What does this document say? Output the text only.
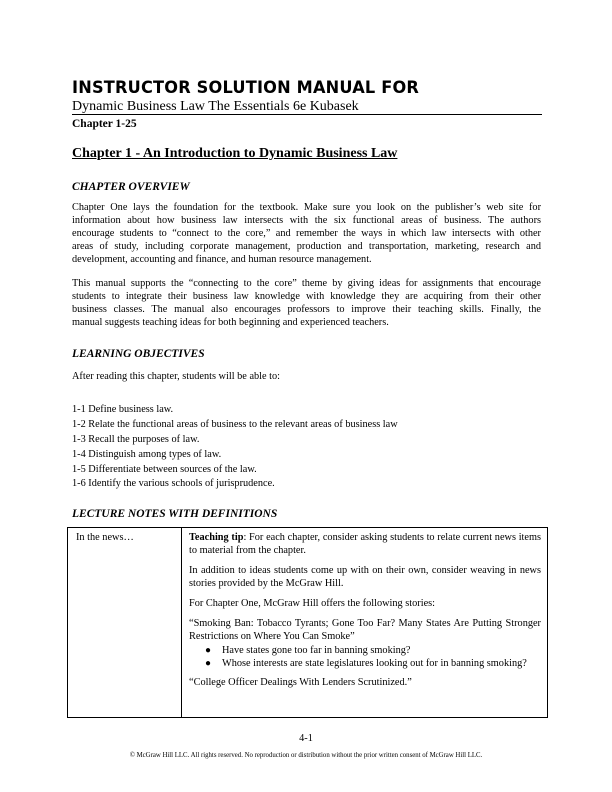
INSTRUCTOR SOLUTION MANUAL FOR
Dynamic Business Law The Essentials 6e Kubasek
Chapter 1-25
Chapter 1 - An Introduction to Dynamic Business Law
CHAPTER OVERVIEW
Chapter One lays the foundation for the textbook. Make sure you look on the publisher’s web site for
information about how business law intersects with the six functional areas of business. The authors
encourage students to “connect to the core,” and remember the ways in which law intersects with other
areas of study, including corporate management, production and transportation, marketing, research and
development, accounting and finance, and human resource management.
This manual supports the “connecting to the core” theme by giving ideas for assignments that encourage
students to integrate their business law knowledge with knowledge they are acquiring from their other
business classes. The manual also encourages professors to improve their teaching skills. Finally, the
manual suggests teaching ideas for both beginning and experienced teachers.
LEARNING OBJECTIVES
After reading this chapter, students will be able to:
1-1 Define business law.
1-2 Relate the functional areas of business to the relevant areas of business law
1-3 Recall the purposes of law.
1-4 Distinguish among types of law.
1-5 Differentiate between sources of the law.
1-6 Identify the various schools of jurisprudence.
LECTURE NOTES WITH DEFINITIONS
In the news…	Teaching tip: For each chapter, consider asking students to relate current news items to material from the chapter.

In addition to ideas students come up with on their own, consider weaving in news stories provided by the McGraw Hill.

For Chapter One, McGraw Hill offers the following stories:

“Smoking Ban: Tobacco Tyrants; Gone Too Far? Many States Are Putting Stronger Restrictions on Where You Can Smoke”

● Have states gone too far in banning smoking?
● Whose interests are state legislatures looking out for in banning smoking?

“College Officer Dealings With Lenders Scrutinized.”

4-1
© McGraw Hill LLC. All rights reserved. No reproduction or distribution without the prior written consent of McGraw Hill LLC.
